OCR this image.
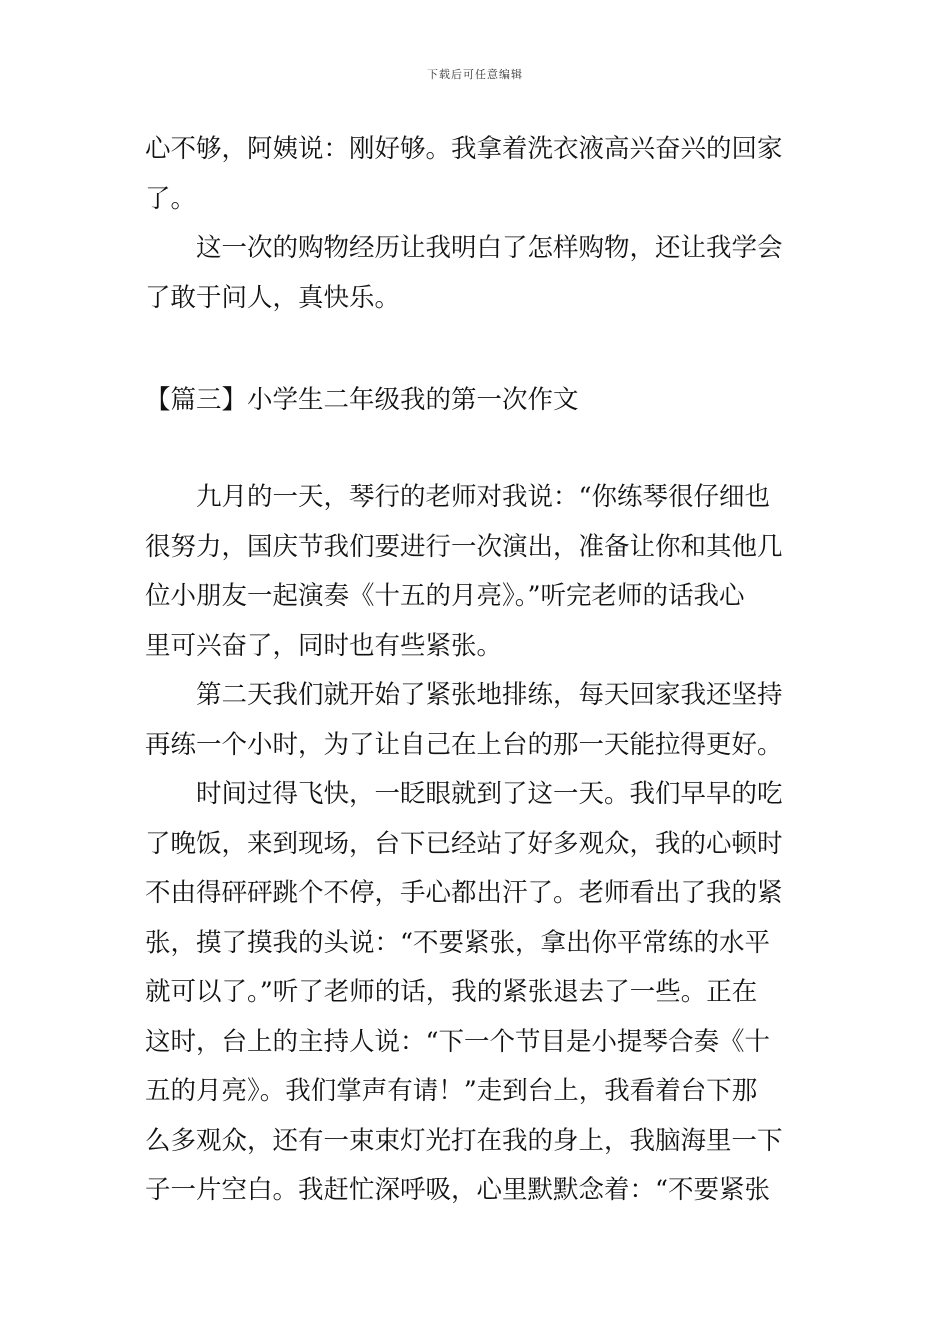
下载后可任意编辑
心不够，阿姨说：刚好够。我拿着洗衣液高兴奋兴的回家
了。
　　这一次的购物经历让我明白了怎样购物，还让我学会
了敢于问人，真快乐。
【篇三】小学生二年级我的第一次作文
　　九月的一天，琴行的老师对我说：“你练琴很仔细也
很努力，国庆节我们要进行一次演出，准备让你和其他几
位小朋友一起演奏《十五的月亮》。”听完老师的话我心
里可兴奋了，同时也有些紧张。
　　第二天我们就开始了紧张地排练，每天回家我还坚持
再练一个小时，为了让自己在上台的那一天能拉得更好。
　　时间过得飞快，一眨眼就到了这一天。我们早早的吃
了晚饭，来到现场，台下已经站了好多观众，我的心顿时
不由得砰砰跳个不停，手心都出汗了。老师看出了我的紧
张，摸了摸我的头说：“不要紧张，拿出你平常练的水平
就可以了。”听了老师的话，我的紧张退去了一些。正在
这时，台上的主持人说：“下一个节目是小提琴合奏《十
五的月亮》。我们掌声有请！”走到台上，我看着台下那
么多观众，还有一束束灯光打在我的身上，我脑海里一下
子一片空白。我赶忙深呼吸，心里默默念着：“不要紧张
